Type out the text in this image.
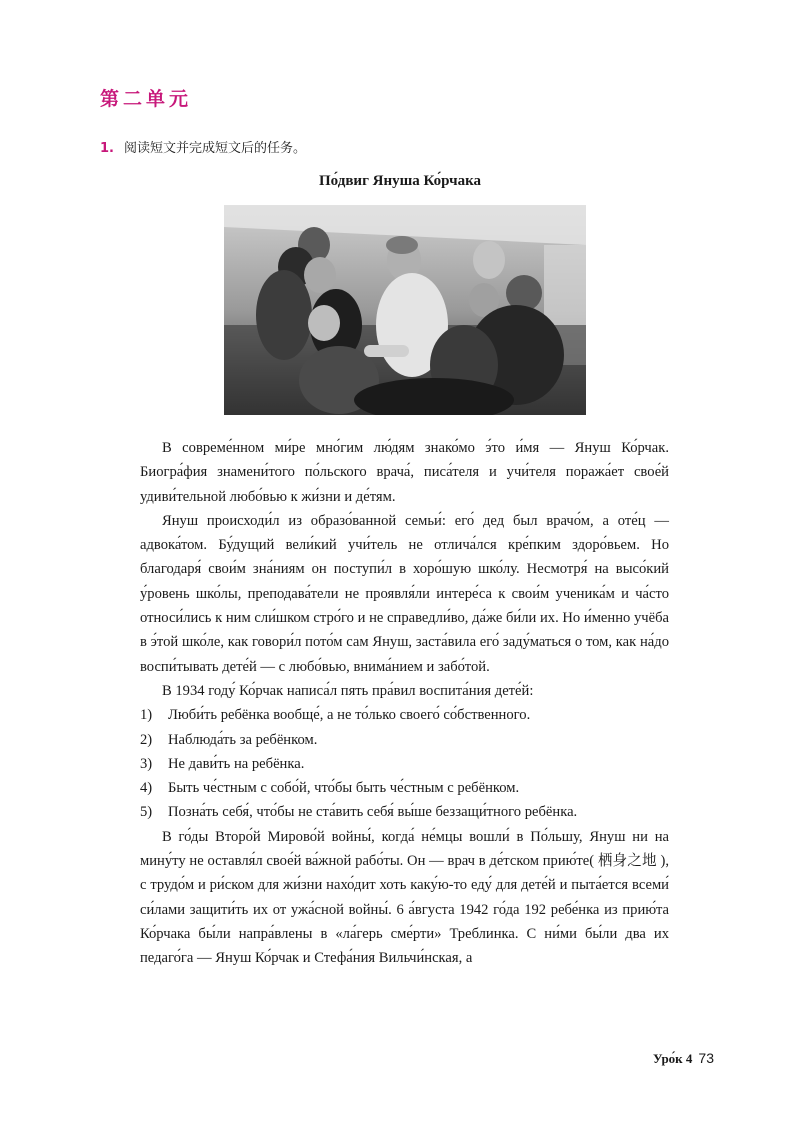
第二单元
1. 阅读短文并完成短文后的任务。
По́двиг Януша Ко́рчака

В совреме́нном ми́ре мно́гим лю́дям знако́мо э́то и́мя — Януш Ко́рчак. Биогра́фия знамени́того по́льского врача́, писа́теля и учи́теля поража́ет свое́й удиви́тельной любо́вью к жи́зни и де́тям.

Януш происходи́л из образо́ванной семьи́: его́ дед был врачо́м, а оте́ц — адвока́том. Бу́дущий вели́кий учи́тель не отлича́лся кре́пким здоро́вьем. Но благодаря́ свои́м зна́ниям он поступи́л в хоро́шую шко́лу. Несмотря́ на высо́кий у́ровень шко́лы, преподава́тели не проявля́ли интере́са к свои́м ученика́м и ча́сто относи́лись к ним сли́шком стро́го и не справедли́во, да́же би́ли их. Но и́менно учёба в э́той шко́ле, как говори́л пото́м сам Януш, заста́вила его́ заду́маться о том, как на́до воспи́тывать дете́й — с любо́вью, внима́нием и забо́той.

В 1934 году́ Ко́рчак написа́л пять пра́вил воспита́ния дете́й:

1) Люби́ть ребёнка вообще́, а не то́лько своего́ со́бственного.
2) Наблюда́ть за ребёнком.
3) Не дави́ть на ребёнка.
4) Быть че́стным с собо́й, что́бы быть че́стным с ребёнком.
5) Позна́ть себя́, что́бы не ста́вить себя́ вы́ше беззащи́тного ребёнка.

В го́ды Второ́й Мирово́й войны́, когда́ не́мцы вошли́ в По́льшу, Януш ни на мину́ту не оставля́л свое́й ва́жной рабо́ты. Он — врач в де́тском прию́те( 栖身之地 ), с трудо́м и ри́ском для жи́зни нахо́дит хоть каку́ю-то еду́ для дете́й и пыта́ется всеми́ си́лами защити́ть их от ужа́сной войны́. 6 а́вгуста 1942 го́да 192 ребе́нка из прию́та Ко́рчака бы́ли напра́влены в «ла́герь сме́рти» Треблинка. С ни́ми бы́ли два их педаго́га — Януш Ко́рчак и Стефа́ния Вильчи́нская, а

Уро́к 4 73
